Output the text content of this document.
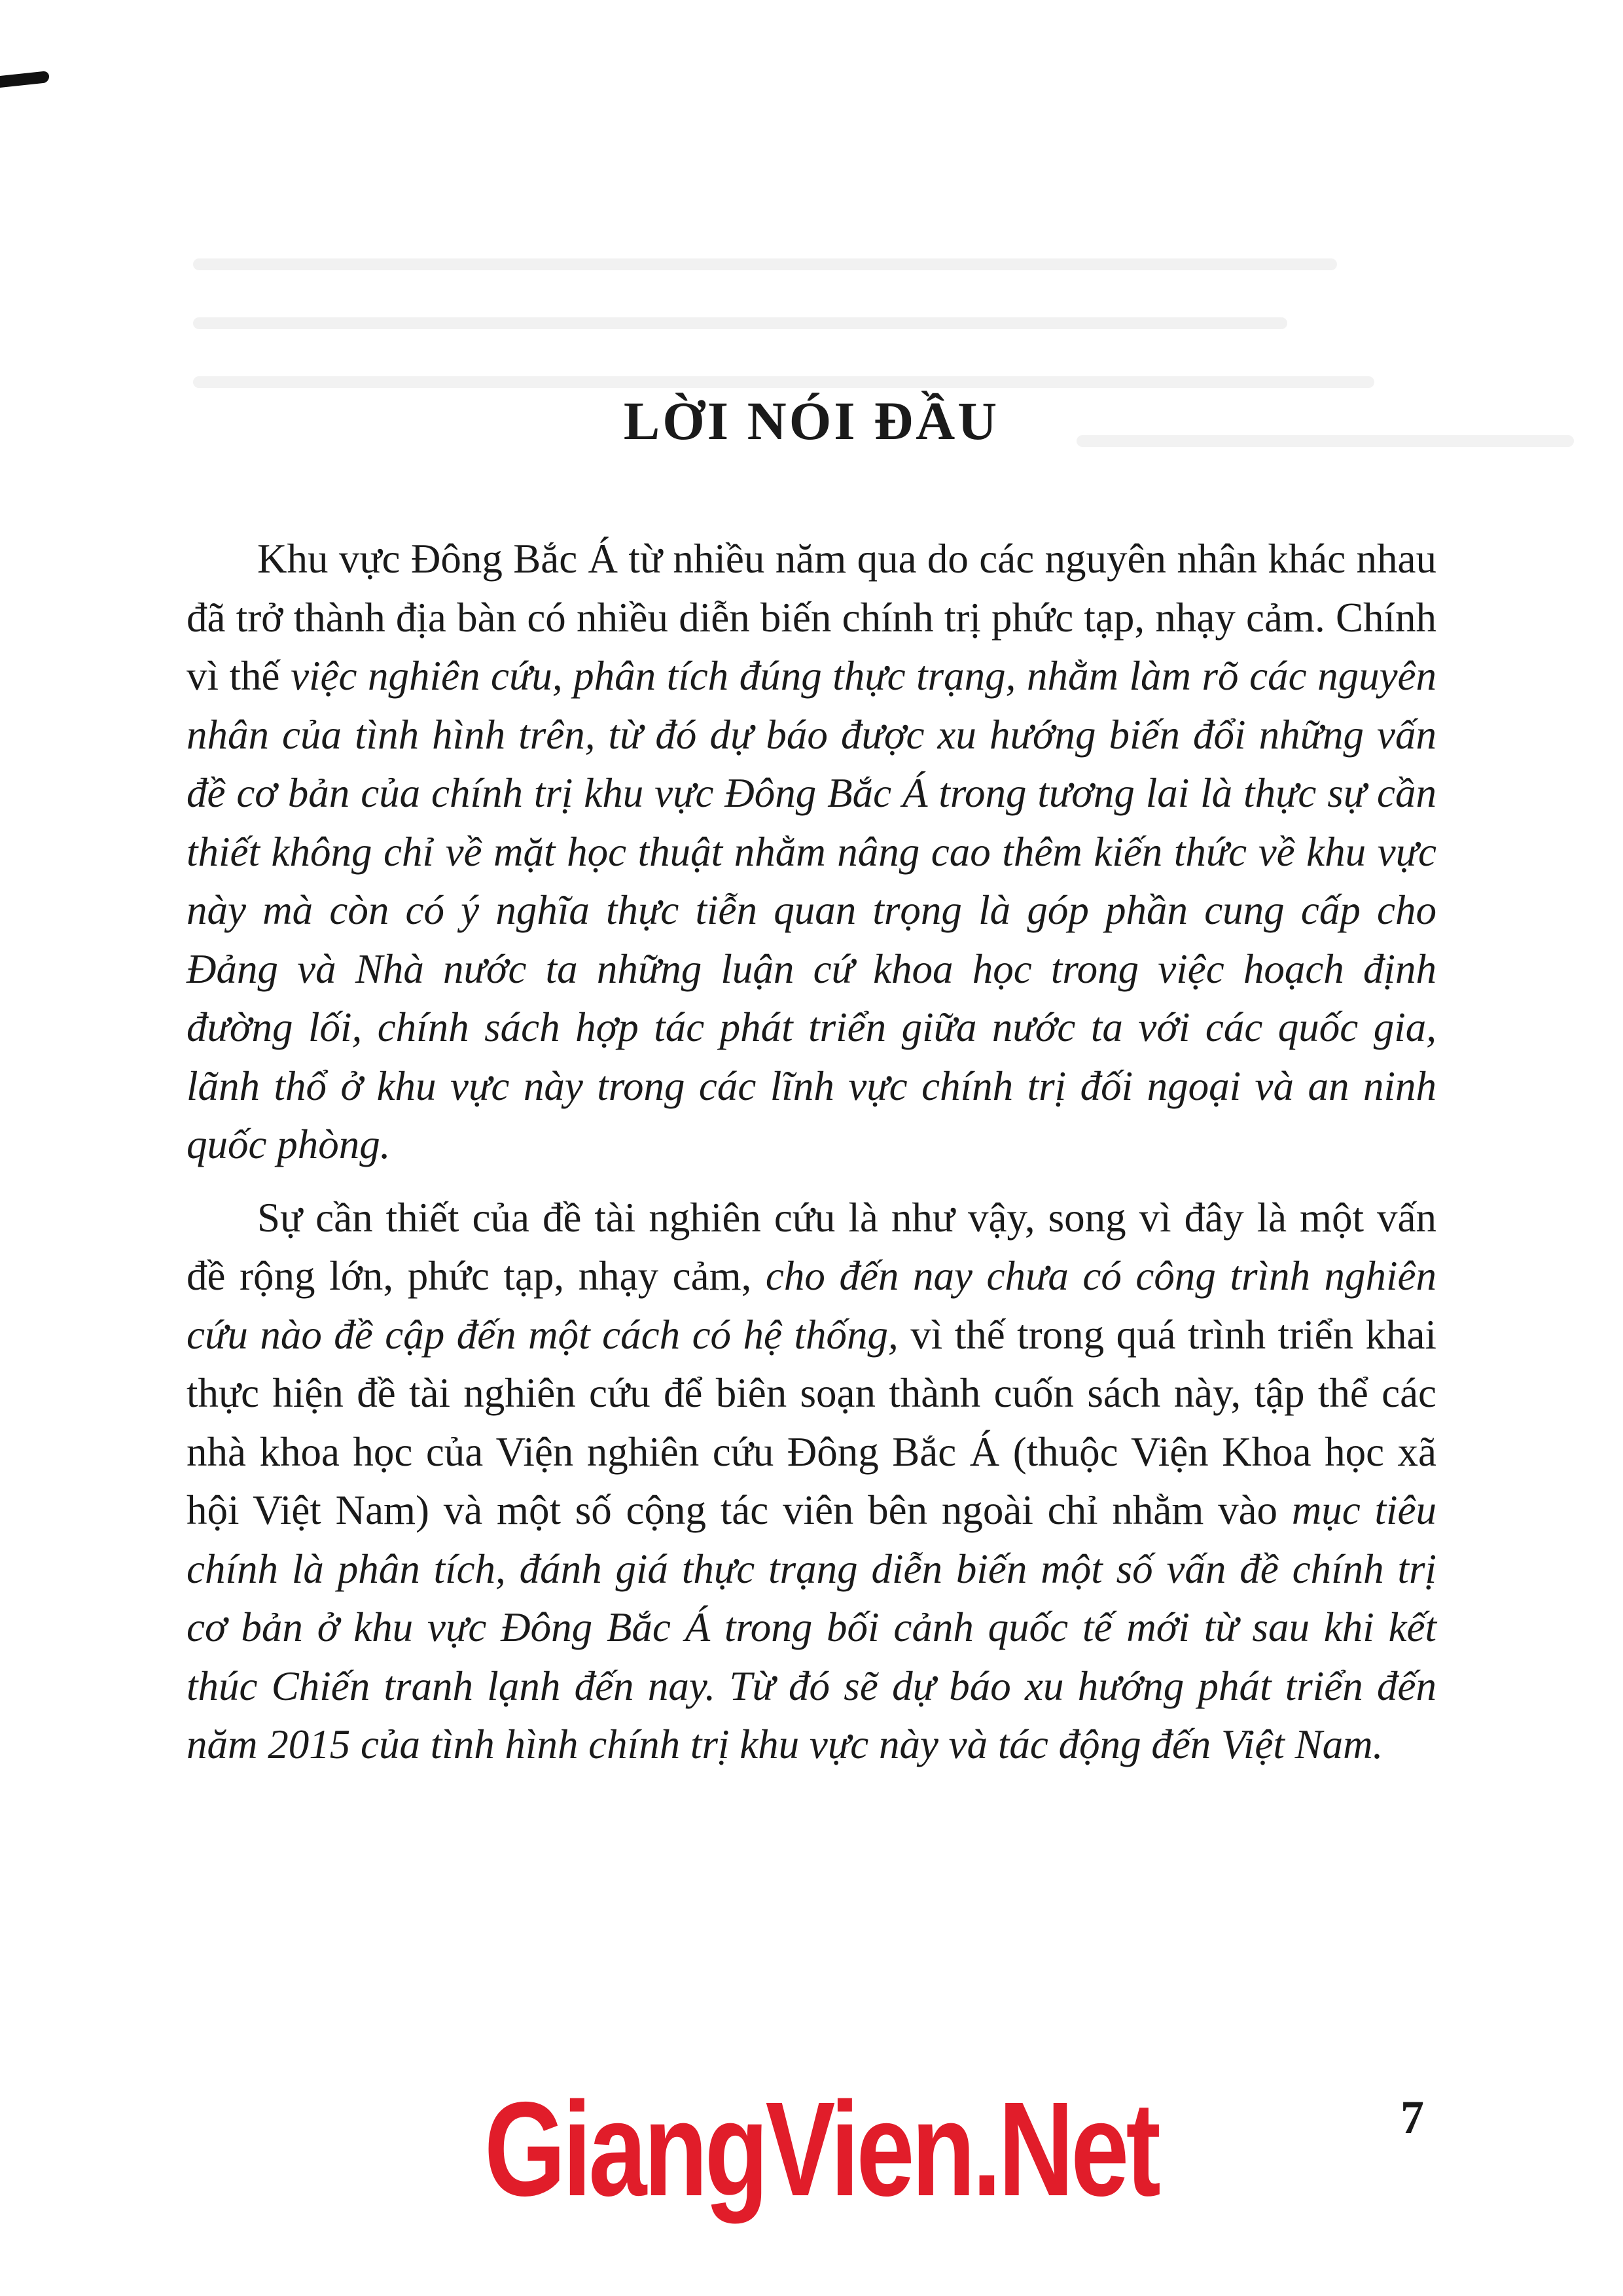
LỜI NÓI ĐẦU

Khu vực Đông Bắc Á từ nhiều năm qua do các nguyên nhân khác nhau đã trở thành địa bàn có nhiều diễn biến chính trị phức tạp, nhạy cảm. Chính vì thế việc nghiên cứu, phân tích đúng thực trạng, nhằm làm rõ các nguyên nhân của tình hình trên, từ đó dự báo được xu hướng biến đổi những vấn đề cơ bản của chính trị khu vực Đông Bắc Á trong tương lai là thực sự cần thiết không chỉ về mặt học thuật nhằm nâng cao thêm kiến thức về khu vực này mà còn có ý nghĩa thực tiễn quan trọng là góp phần cung cấp cho Đảng và Nhà nước ta những luận cứ khoa học trong việc hoạch định đường lối, chính sách hợp tác phát triển giữa nước ta với các quốc gia, lãnh thổ ở khu vực này trong các lĩnh vực chính trị đối ngoại và an ninh quốc phòng.

Sự cần thiết của đề tài nghiên cứu là như vậy, song vì đây là một vấn đề rộng lớn, phức tạp, nhạy cảm, cho đến nay chưa có công trình nghiên cứu nào đề cập đến một cách có hệ thống, vì thế trong quá trình triển khai thực hiện đề tài nghiên cứu để biên soạn thành cuốn sách này, tập thể các nhà khoa học của Viện nghiên cứu Đông Bắc Á (thuộc Viện Khoa học xã hội Việt Nam) và một số cộng tác viên bên ngoài chỉ nhằm vào mục tiêu chính là phân tích, đánh giá thực trạng diễn biến một số vấn đề chính trị cơ bản ở khu vực Đông Bắc Á trong bối cảnh quốc tế mới từ sau khi kết thúc Chiến tranh lạnh đến nay. Từ đó sẽ dự báo xu hướng phát triển đến năm 2015 của tình hình chính trị khu vực này và tác động đến Việt Nam.

GiangVien.Net	7
